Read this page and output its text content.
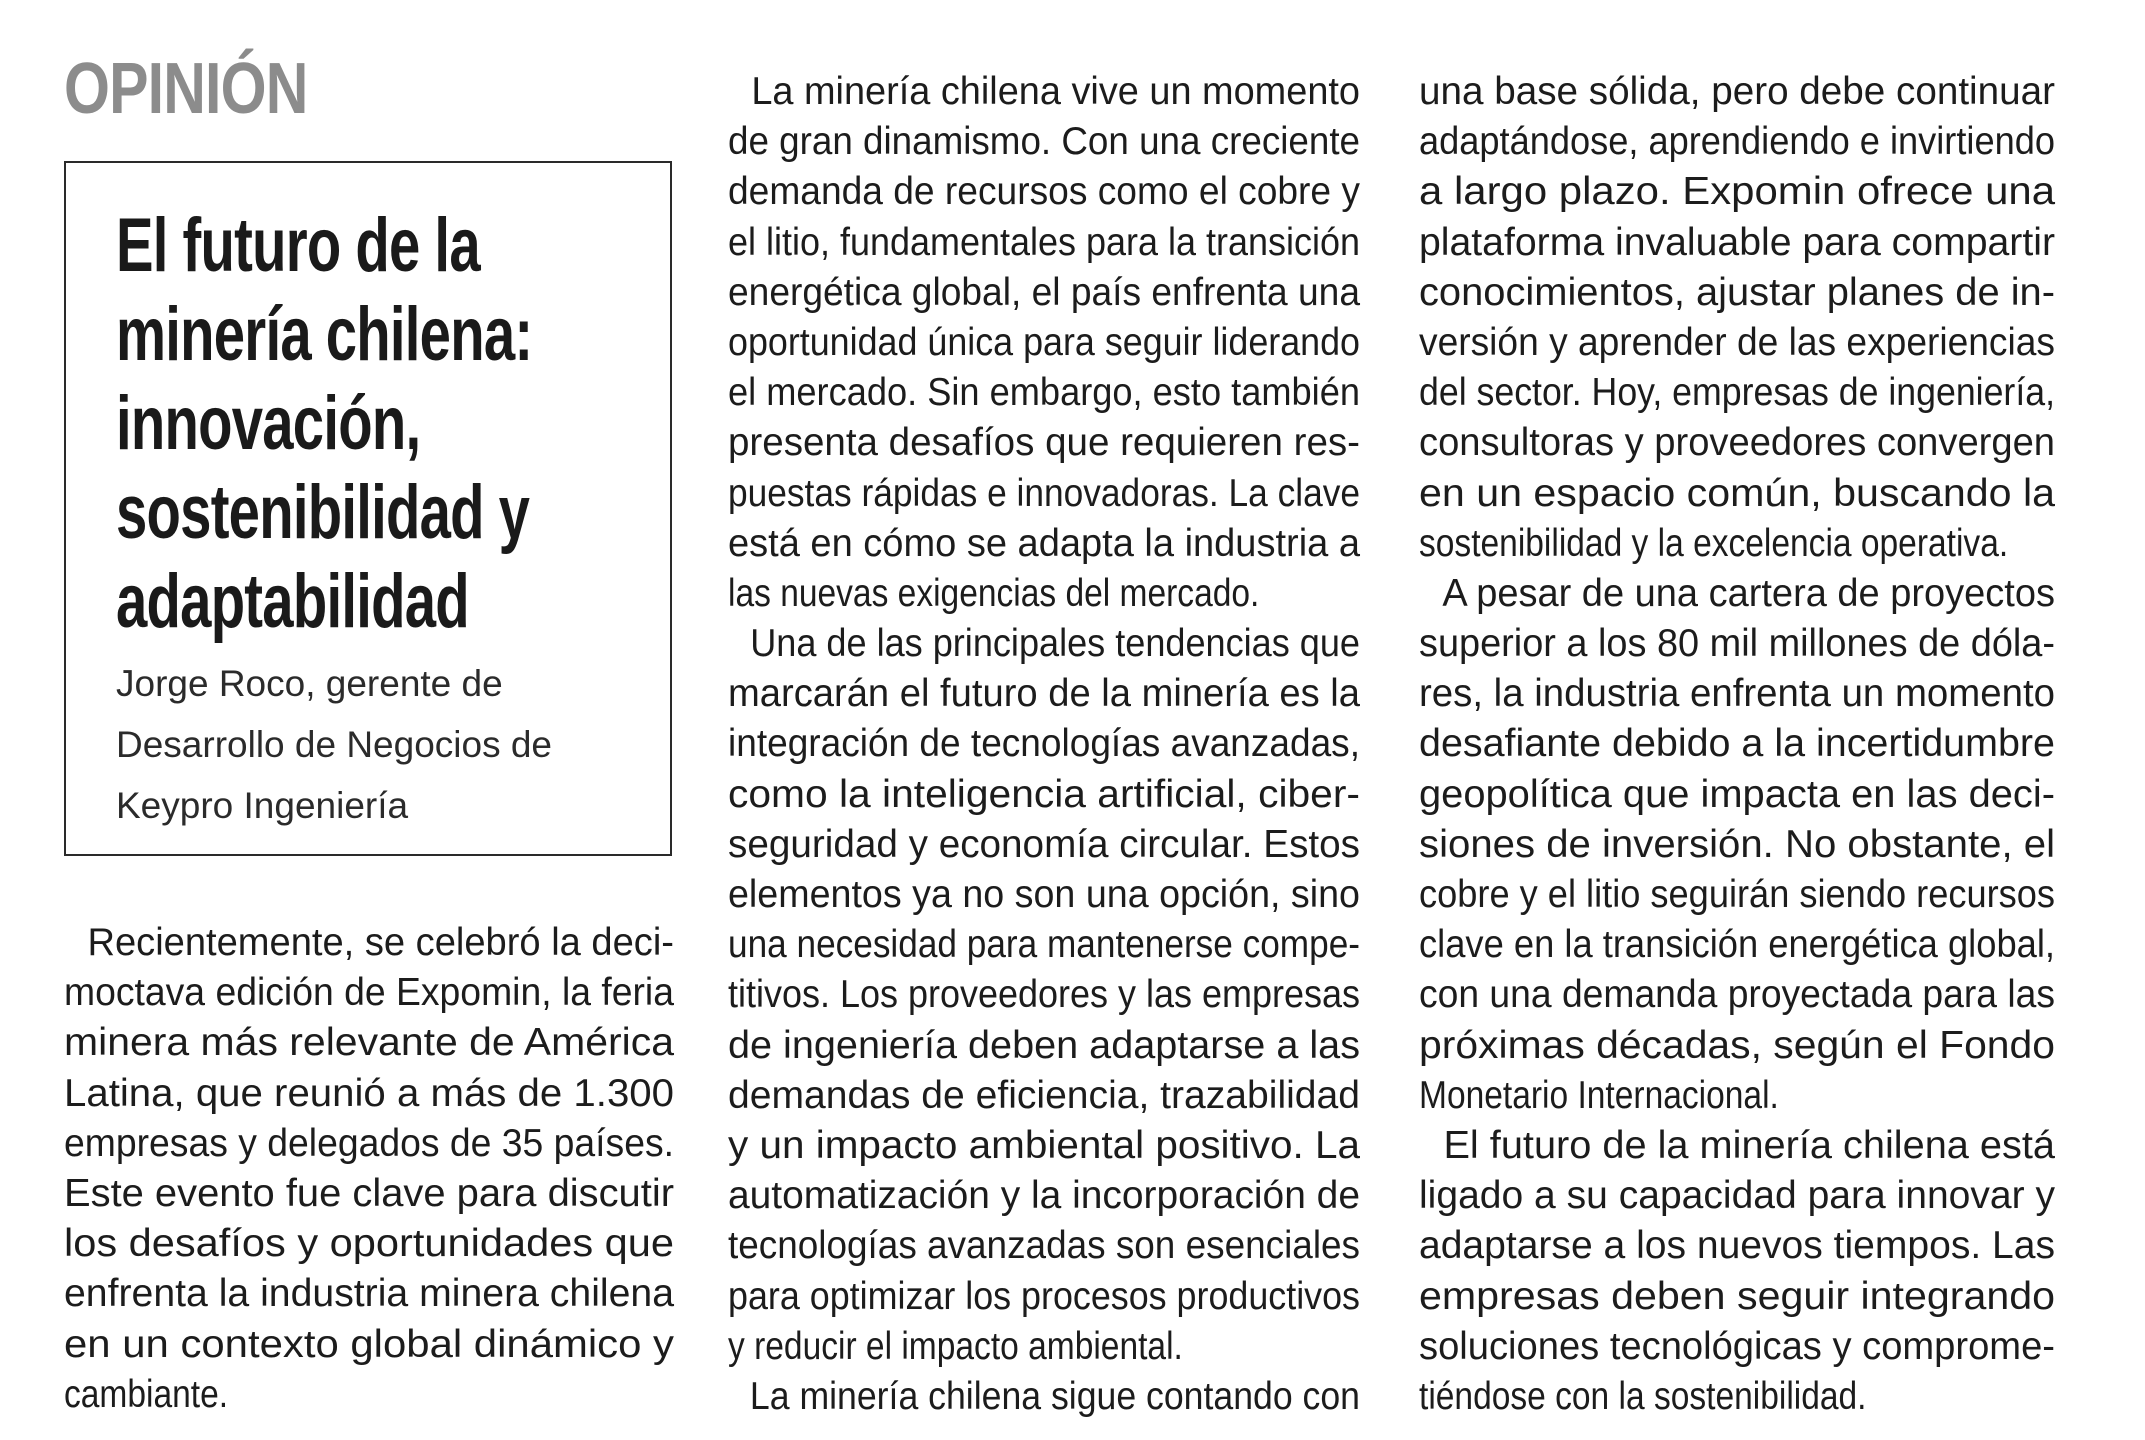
OPINIÓN
El futuro de la
minería chilena:
innovación,
sostenibilidad y
adaptabilidad
Jorge Roco, gerente de
Desarrollo de Negocios de
Keypro Ingeniería
Recientemente, se celebró la deci-
moctava edición de Expomin, la feria
minera más relevante de América
Latina, que reunió a más de 1.300
empresas y delegados de 35 países.
Este evento fue clave para discutir
los desafíos y oportunidades que
enfrenta la industria minera chilena
en un contexto global dinámico y
cambiante.
La minería chilena vive un momento
de gran dinamismo. Con una creciente
demanda de recursos como el cobre y
el litio, fundamentales para la transición
energética global, el país enfrenta una
oportunidad única para seguir liderando
el mercado. Sin embargo, esto también
presenta desafíos que requieren res-
puestas rápidas e innovadoras. La clave
está en cómo se adapta la industria a
las nuevas exigencias del mercado.
Una de las principales tendencias que
marcarán el futuro de la minería es la
integración de tecnologías avanzadas,
como la inteligencia artificial, ciber-
seguridad y economía circular. Estos
elementos ya no son una opción, sino
una necesidad para mantenerse compe-
titivos. Los proveedores y las empresas
de ingeniería deben adaptarse a las
demandas de eficiencia, trazabilidad
y un impacto ambiental positivo. La
automatización y la incorporación de
tecnologías avanzadas son esenciales
para optimizar los procesos productivos
y reducir el impacto ambiental.
La minería chilena sigue contando con
una base sólida, pero debe continuar
adaptándose, aprendiendo e invirtiendo
a largo plazo. Expomin ofrece una
plataforma invaluable para compartir
conocimientos, ajustar planes de in-
versión y aprender de las experiencias
del sector. Hoy, empresas de ingeniería,
consultoras y proveedores convergen
en un espacio común, buscando la
sostenibilidad y la excelencia operativa.
A pesar de una cartera de proyectos
superior a los 80 mil millones de dóla-
res, la industria enfrenta un momento
desafiante debido a la incertidumbre
geopolítica que impacta en las deci-
siones de inversión. No obstante, el
cobre y el litio seguirán siendo recursos
clave en la transición energética global,
con una demanda proyectada para las
próximas décadas, según el Fondo
Monetario Internacional.
El futuro de la minería chilena está
ligado a su capacidad para innovar y
adaptarse a los nuevos tiempos. Las
empresas deben seguir integrando
soluciones tecnológicas y comprome-
tiéndose con la sostenibilidad.
